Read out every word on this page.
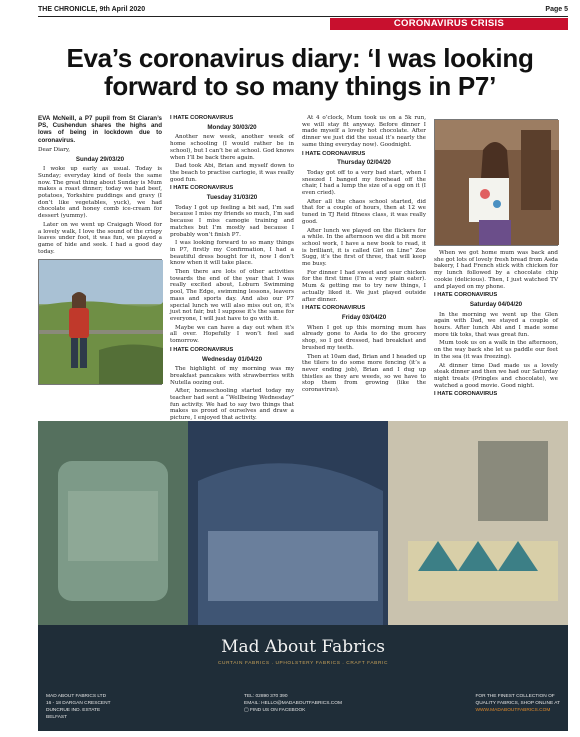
THE CHRONICLE, 9th April 2020	Page 5
CORONAVIRUS CRISIS
Eva’s coronavirus diary: ‘I was looking forward to so many things in P7’

EVA McNeill, a P7 pupil from St Ciaran’s PS, Cushendun shares the highs and lows of being in lockdown due to coronavirus.

Dear Diary,

Sunday 29/03/20

I woke up early as usual. Today is Sunday; everyday kind of feels the same now. The great thing about Sunday is Mum makes a roast dinner; today we had beef, potatoes, Yorkshire puddings and gravy (I don’t like vegetables, yuck), we had chocolate and honey comb ice-cream for dessert (yummy).

Later on we went up Craigagh Wood for a lovely walk, I love the sound of the crispy leaves under foot, it was fun, we played a game of hide and seek. I had a good day today.

I HATE CORONAVIRUS
Monday 30/03/20

Another new week, another week of home schooling (I would rather be in school), but I can’t be at school. God knows when I’ll be back there again.

Dad took Abi, Brian and myself down to the beach to practise cartogie, it was really good fun.

I HATE CORONAVIRUS
Tuesday 31/03/20

Today I got up feeling a bit sad, I’m sad because I miss my friends so much, I’m sad because I miss camogie training and matches but I’m mostly sad because I probably won’t finish P7.

I was looking forward to so many things in P7, firstly my Confirmation, I had a beautiful dress bought for it, now I don’t know when it will take place.

Then there are lots of other activities towards the end of the year that I was really excited about, Loburn Swimming pool, The Edge, swimming lessons, leavers mass and sports day. And also our P7 special lunch we will also miss out on, it’s just not fair, but I suppose it’s the same for everyone, I will just have to go with it.

Maybe we can have a day out when it’s all over. Hopefully I won’t feel sad tomorrow.

I HATE CORONAVIRUS
Wednesday 01/04/20

The highlight of my morning was my breakfast pancakes with strawberries with Nutella oozing out.

After, homeschooling started today my teacher had sent a “Wellbeing Wednesday” fun activity. We had to say two things that makes us proud of ourselves and draw a picture, I enjoyed that activity.

At 4 o’clock, Mum took us on a 5k run, we will stay fit anyway. Before dinner I made myself a lovely hot chocolate. After dinner we just did the usual it’s nearly the same thing everyday now). Goodnight.

I HATE CORONAVIRUS
Thursday 02/04/20

Today got off to a very bad start, when I sneezed I banged my forehead off the chair, I had a lump the size of a egg on it (I even cried).

After all the chaos school started, did that for a couple of hours, then at 12 we tuned in TJ Reid fitness class, it was really good.

After lunch we played on the flickers for a while. In the afternoon we did a bit more school work, I have a new book to read, it is brilliant, it is called Girl on Line” Zoe Sugg, it’s the first of three, that will keep me busy.

For dinner I had sweet and sour chicken for the first time (I’m a very plain eater). Mum & getting me to try new things, I actually liked it. We just played outside after dinner.

I HATE CORONAVIRUS
Friday 03/04/20

When I got up this morning mum has already gone to Asda to do the grocery shop, so I got dressed, had breakfast and brushed my teeth.

Then at 10am dad, Brian and I headed up the tilers to do some more fencing (it’s a never ending job), Brian and I dug up thistles as they are weeds, so we have to stop them from growing (like the coronavirus).

When we got home mum was back and she got lots of lovely fresh bread from Asda bakery, I had French stick with chicken for my lunch followed by a chocolate chip cookie (delicious). Then, I just watched TV and played on my phone.

I HATE CORONAVIRUS
Saturday 04/04/20

In the morning we went up the Glen again with Dad, we stayed a couple of hours. After lunch Abi and I made some more tik toks, that was great fun.

Mum took us on a walk in the afternoon, on the way back she let us paddle our feet in the sea (it was freezing).

At dinner time Dad made us a lovely steak dinner and then we had our Saturday night treats (Pringles and chocolate), we watched a good movie. Good night.

I HATE CORONAVIRUS
Mad About Fabrics
CURTAIN FABRICS . UPHOLSTERY FABRICS . CRAFT FABRIC
MAD ABOUT FABRICS LTD
16 - 18 DARGAN CRESCENT
DUNCRUE IND. ESTATE
BELFAST
TEL: 02890 370 390
EMAIL: HELLO@MADABOUTFABRICS.COM
▢ FIND US ON FACEBOOK
FOR THE FINEST COLLECTION OF
QUALITY FABRICS, SHOP ONLINE AT
WWW.MADABOUTFABRICS.COM
